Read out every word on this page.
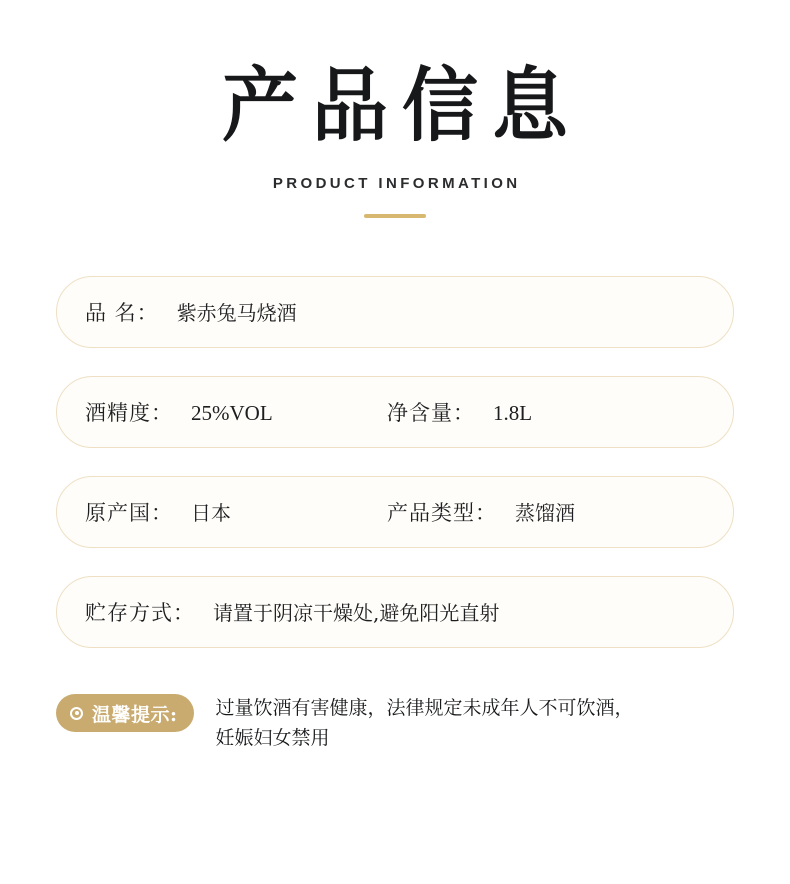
产品信息
PRODUCT INFORMATION
品 名： 紫赤兔马烧酒
酒精度： 25%VOL	净含量： 1.8L
原产国： 日本	产品类型： 蒸馏酒
贮存方式： 请置于阴凉干燥处,避免阳光直射
温馨提示: 过量饮酒有害健康，法律规定未成年人不可饮酒，妊娠妇女禁用
